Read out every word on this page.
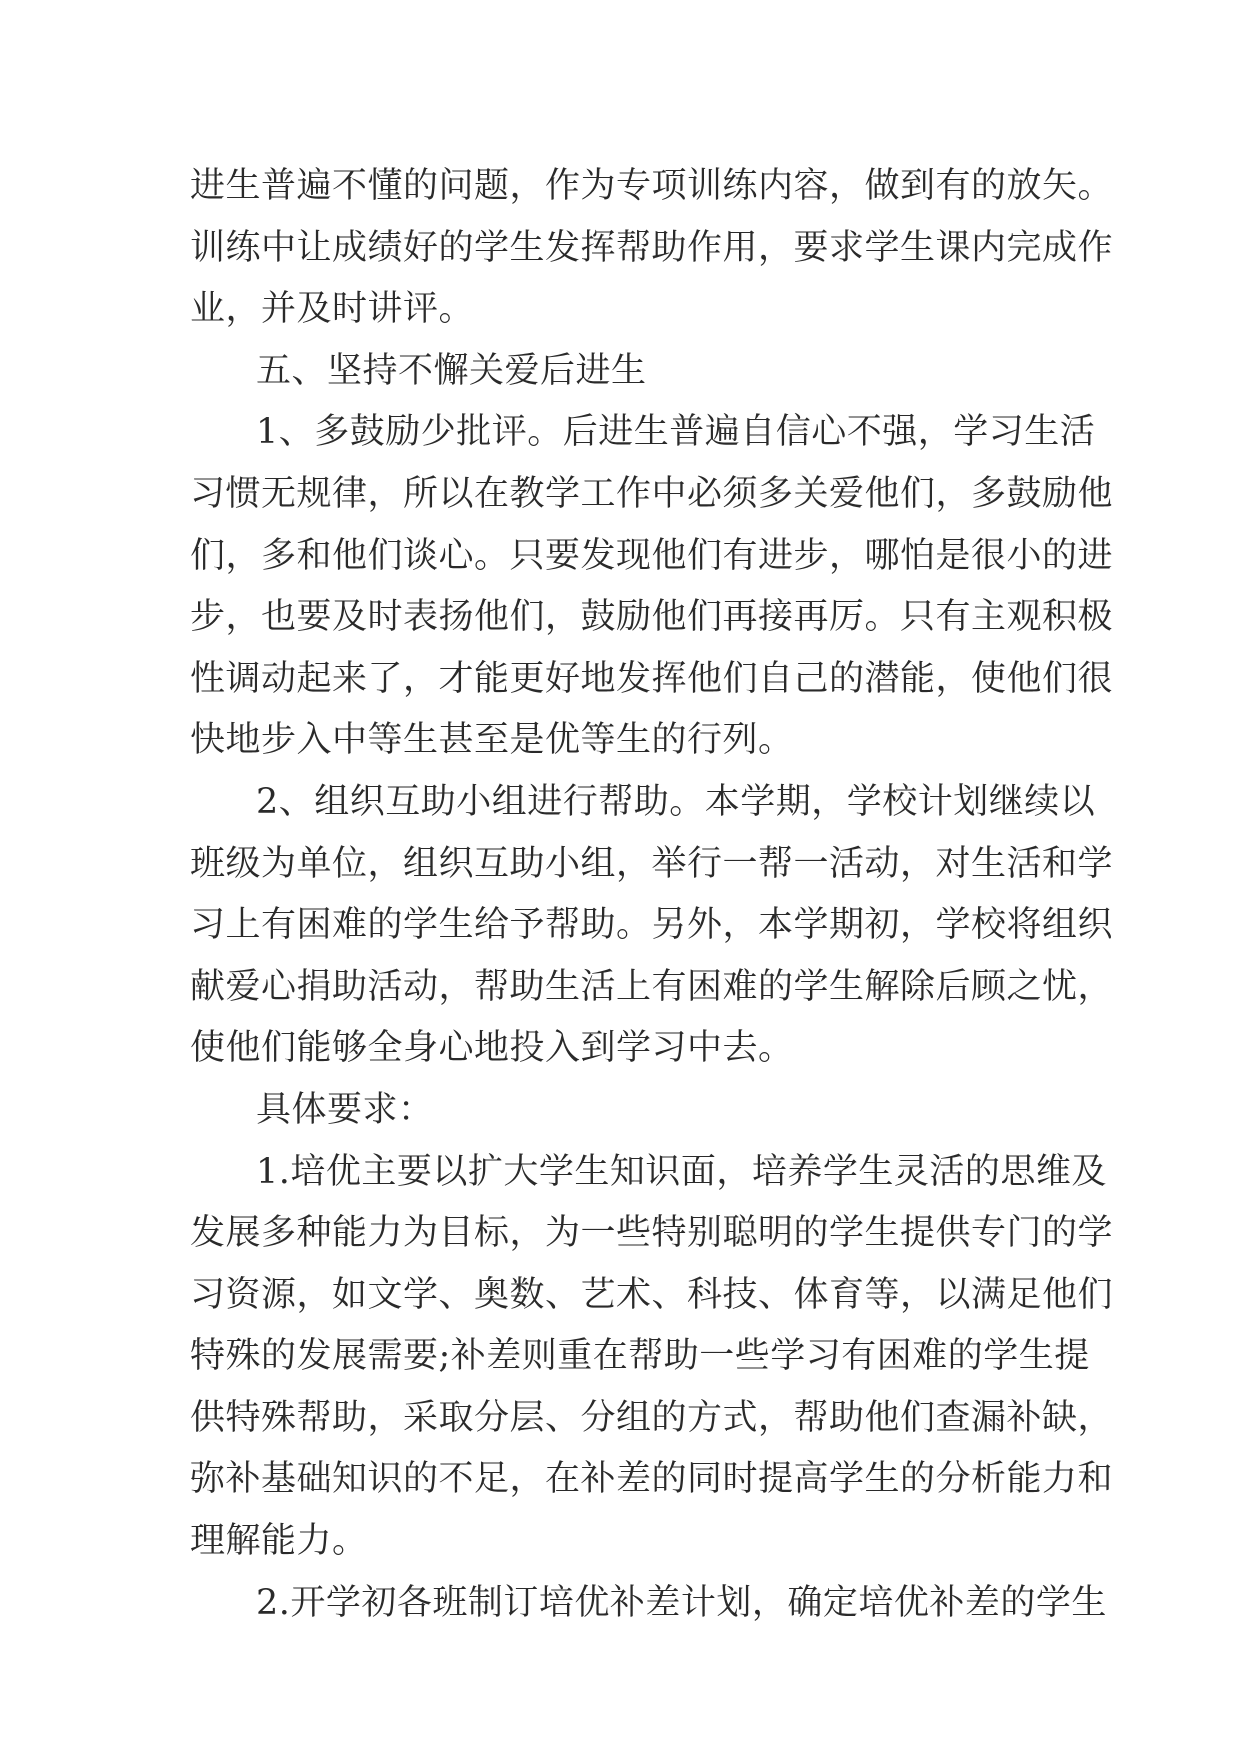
进生普遍不懂的问题，作为专项训练内容，做到有的放矢。
训练中让成绩好的学生发挥帮助作用，要求学生课内完成作
业，并及时讲评。
五、坚持不懈关爱后进生
1、多鼓励少批评。后进生普遍自信心不强，学习生活
习惯无规律，所以在教学工作中必须多关爱他们，多鼓励他
们，多和他们谈心。只要发现他们有进步，哪怕是很小的进
步，也要及时表扬他们，鼓励他们再接再厉。只有主观积极
性调动起来了，才能更好地发挥他们自己的潜能，使他们很
快地步入中等生甚至是优等生的行列。
2、组织互助小组进行帮助。本学期，学校计划继续以
班级为单位，组织互助小组，举行一帮一活动，对生活和学
习上有困难的学生给予帮助。另外，本学期初，学校将组织
献爱心捐助活动，帮助生活上有困难的学生解除后顾之忧，
使他们能够全身心地投入到学习中去。
具体要求：
1.培优主要以扩大学生知识面，培养学生灵活的思维及
发展多种能力为目标，为一些特别聪明的学生提供专门的学
习资源，如文学、奥数、艺术、科技、体育等，以满足他们
特殊的发展需要;补差则重在帮助一些学习有困难的学生提
供特殊帮助，采取分层、分组的方式，帮助他们查漏补缺，
弥补基础知识的不足，在补差的同时提高学生的分析能力和
理解能力。
2.开学初各班制订培优补差计划，确定培优补差的学生
